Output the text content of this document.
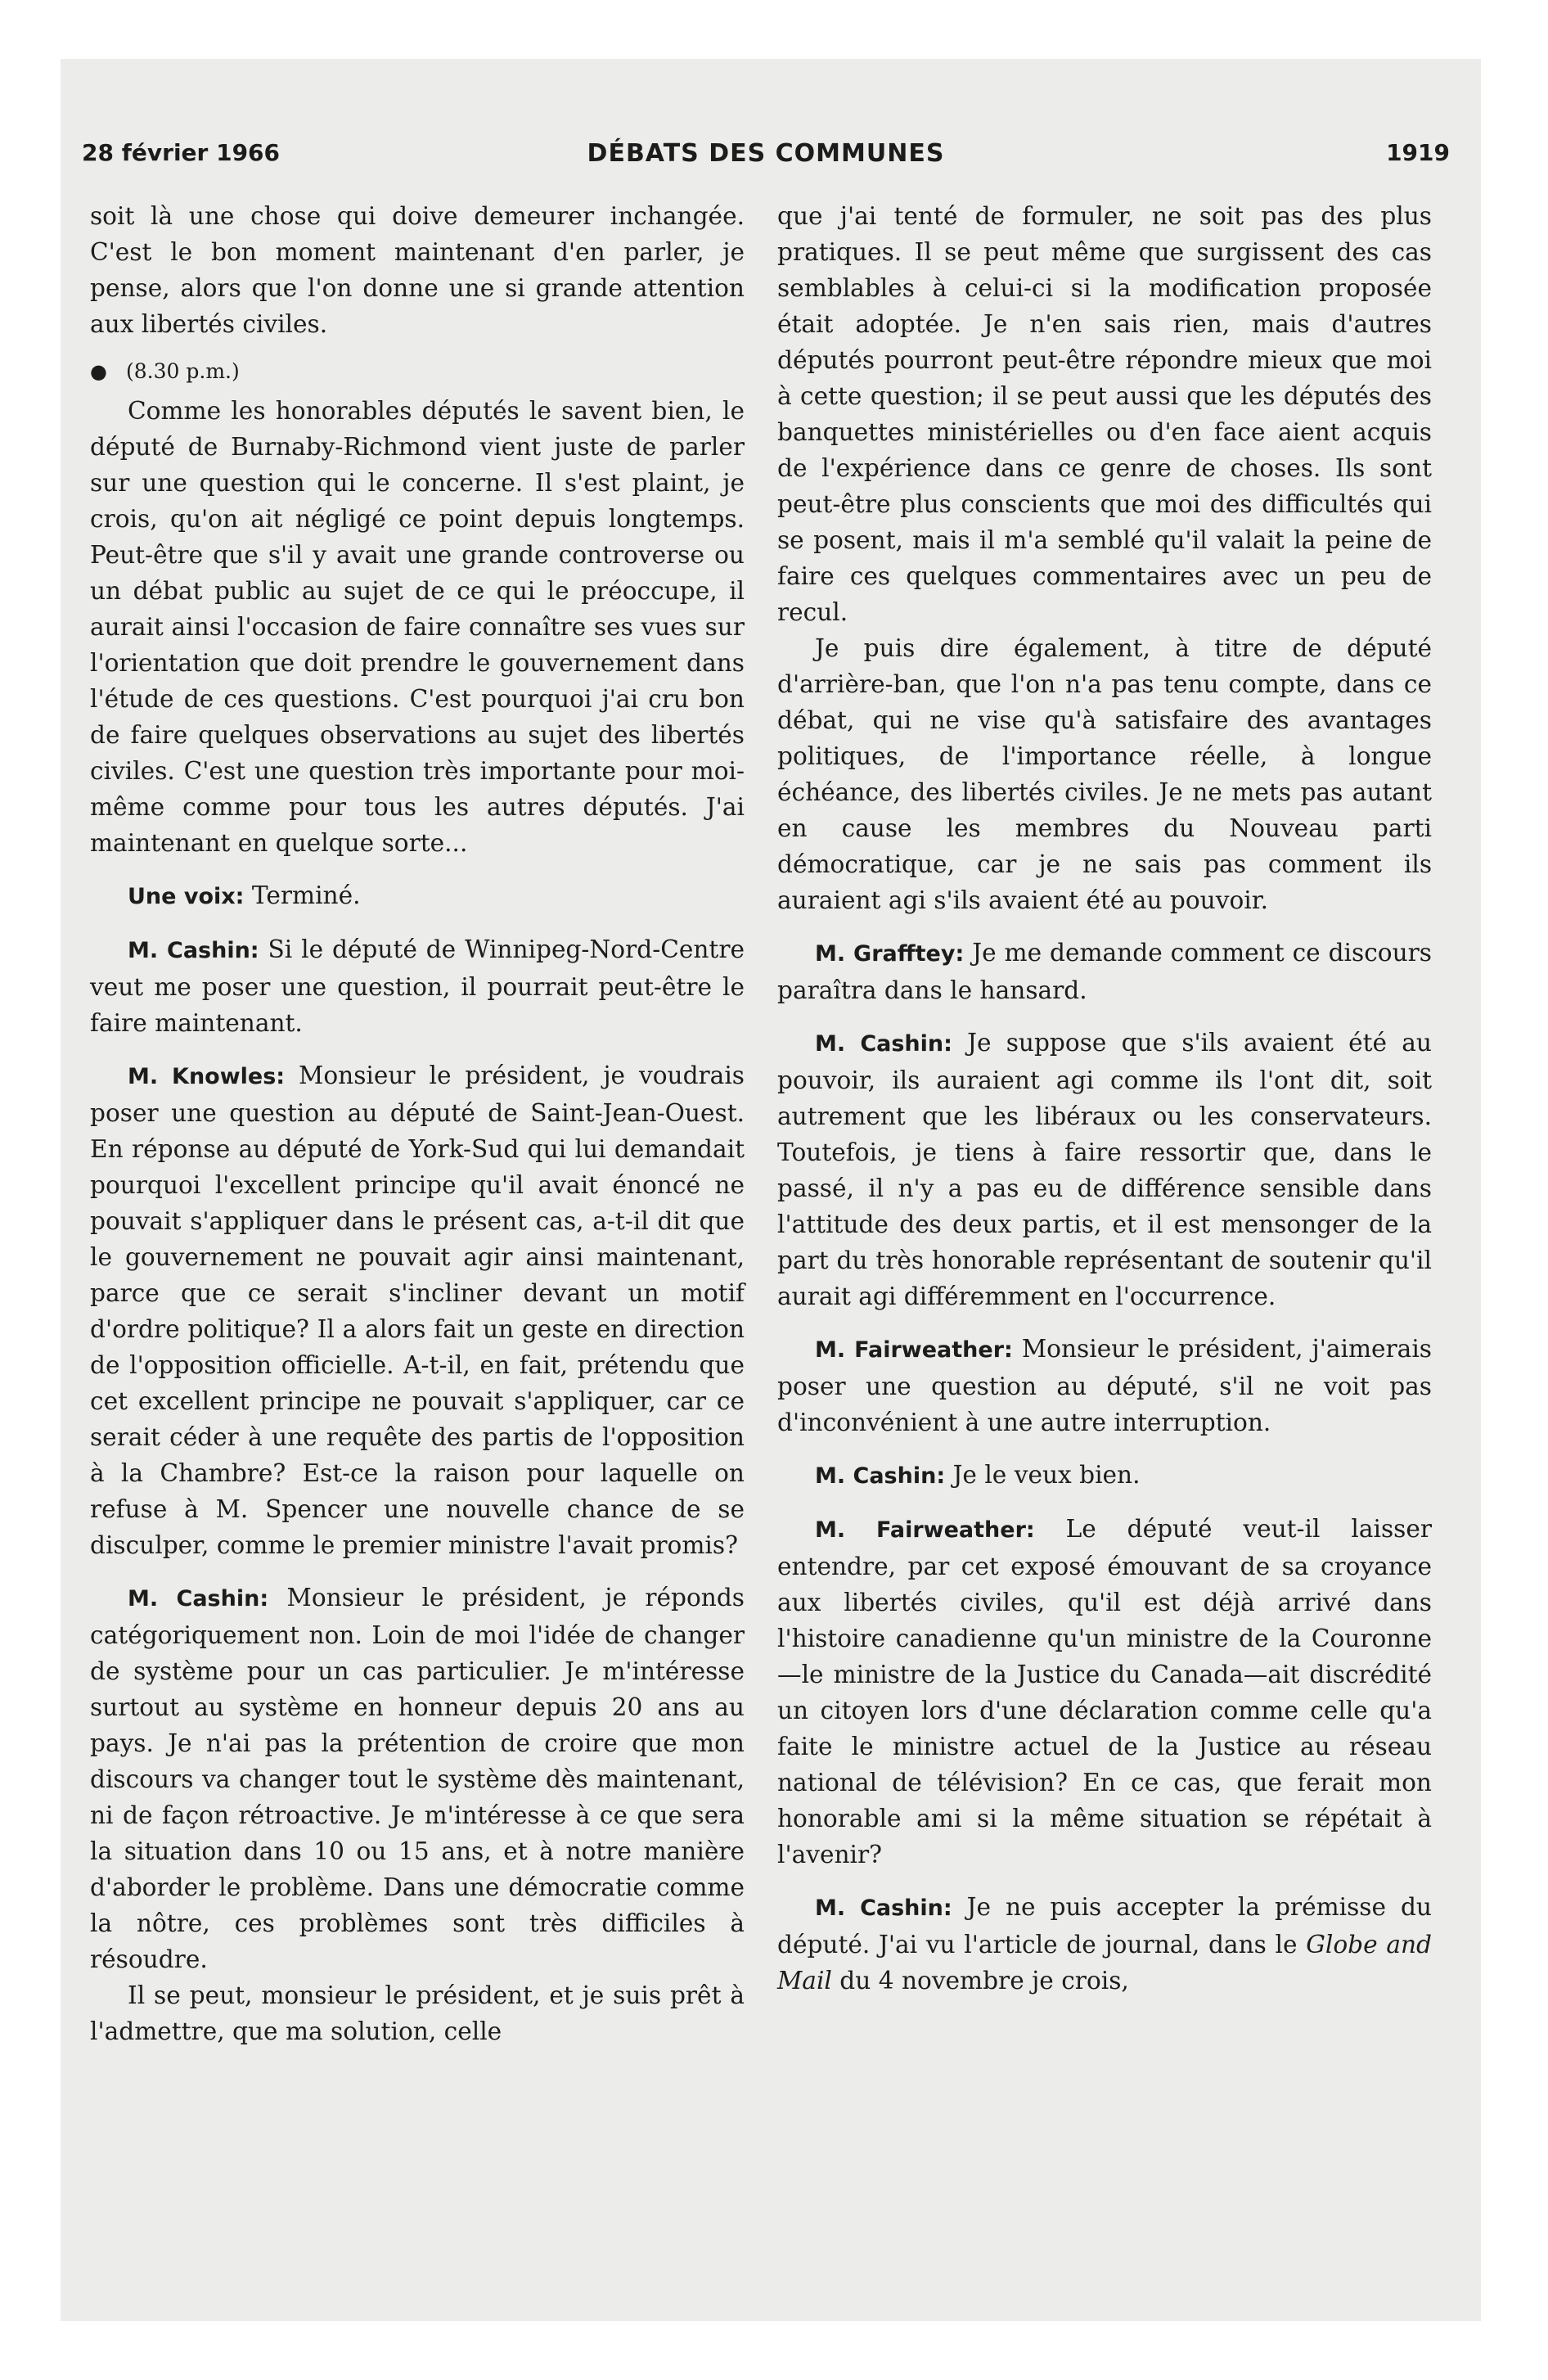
28 février 1966	DÉBATS DES COMMUNES	1919

soit là une chose qui doive demeurer inchangée. C'est le bon moment maintenant d'en parler, je pense, alors que l'on donne une si grande attention aux libertés civiles.

● (8.30 p.m.)

Comme les honorables députés le savent bien, le député de Burnaby-Richmond vient juste de parler sur une question qui le concerne. Il s'est plaint, je crois, qu'on ait négligé ce point depuis longtemps. Peut-être que s'il y avait une grande controverse ou un débat public au sujet de ce qui le préoccupe, il aurait ainsi l'occasion de faire connaître ses vues sur l'orientation que doit prendre le gouvernement dans l'étude de ces questions. C'est pourquoi j'ai cru bon de faire quelques observations au sujet des libertés civiles. C'est une question très importante pour moi-même comme pour tous les autres députés. J'ai maintenant en quelque sorte...

Une voix: Terminé.

M. Cashin: Si le député de Winnipeg-Nord-Centre veut me poser une question, il pourrait peut-être le faire maintenant.

M. Knowles: Monsieur le président, je voudrais poser une question au député de Saint-Jean-Ouest. En réponse au député de York-Sud qui lui demandait pourquoi l'excellent principe qu'il avait énoncé ne pouvait s'appliquer dans le présent cas, a-t-il dit que le gouvernement ne pouvait agir ainsi maintenant, parce que ce serait s'incliner devant un motif d'ordre politique? Il a alors fait un geste en direction de l'opposition officielle. A-t-il, en fait, prétendu que cet excellent principe ne pouvait s'appliquer, car ce serait céder à une requête des partis de l'opposition à la Chambre? Est-ce la raison pour laquelle on refuse à M. Spencer une nouvelle chance de se disculper, comme le premier ministre l'avait promis?

M. Cashin: Monsieur le président, je réponds catégoriquement non. Loin de moi l'idée de changer de système pour un cas particulier. Je m'intéresse surtout au système en honneur depuis 20 ans au pays. Je n'ai pas la prétention de croire que mon discours va changer tout le système dès maintenant, ni de façon rétroactive. Je m'intéresse à ce que sera la situation dans 10 ou 15 ans, et à notre manière d'aborder le problème. Dans une démocratie comme la nôtre, ces problèmes sont très difficiles à résoudre.

Il se peut, monsieur le président, et je suis prêt à l'admettre, que ma solution, celle

que j'ai tenté de formuler, ne soit pas des plus pratiques. Il se peut même que surgissent des cas semblables à celui-ci si la modification proposée était adoptée. Je n'en sais rien, mais d'autres députés pourront peut-être répondre mieux que moi à cette question; il se peut aussi que les députés des banquettes ministérielles ou d'en face aient acquis de l'expérience dans ce genre de choses. Ils sont peut-être plus conscients que moi des difficultés qui se posent, mais il m'a semblé qu'il valait la peine de faire ces quelques commentaires avec un peu de recul.

Je puis dire également, à titre de député d'arrière-ban, que l'on n'a pas tenu compte, dans ce débat, qui ne vise qu'à satisfaire des avantages politiques, de l'importance réelle, à longue échéance, des libertés civiles. Je ne mets pas autant en cause les membres du Nouveau parti démocratique, car je ne sais pas comment ils auraient agi s'ils avaient été au pouvoir.

M. Grafftey: Je me demande comment ce discours paraîtra dans le hansard.

M. Cashin: Je suppose que s'ils avaient été au pouvoir, ils auraient agi comme ils l'ont dit, soit autrement que les libéraux ou les conservateurs. Toutefois, je tiens à faire ressortir que, dans le passé, il n'y a pas eu de différence sensible dans l'attitude des deux partis, et il est mensonger de la part du très honorable représentant de soutenir qu'il aurait agi différemment en l'occurrence.

M. Fairweather: Monsieur le président, j'aimerais poser une question au député, s'il ne voit pas d'inconvénient à une autre interruption.

M. Cashin: Je le veux bien.

M. Fairweather: Le député veut-il laisser entendre, par cet exposé émouvant de sa croyance aux libertés civiles, qu'il est déjà arrivé dans l'histoire canadienne qu'un ministre de la Couronne—le ministre de la Justice du Canada—ait discrédité un citoyen lors d'une déclaration comme celle qu'a faite le ministre actuel de la Justice au réseau national de télévision? En ce cas, que ferait mon honorable ami si la même situation se répétait à l'avenir?

M. Cashin: Je ne puis accepter la prémisse du député. J'ai vu l'article de journal, dans le Globe and Mail du 4 novembre je crois,
